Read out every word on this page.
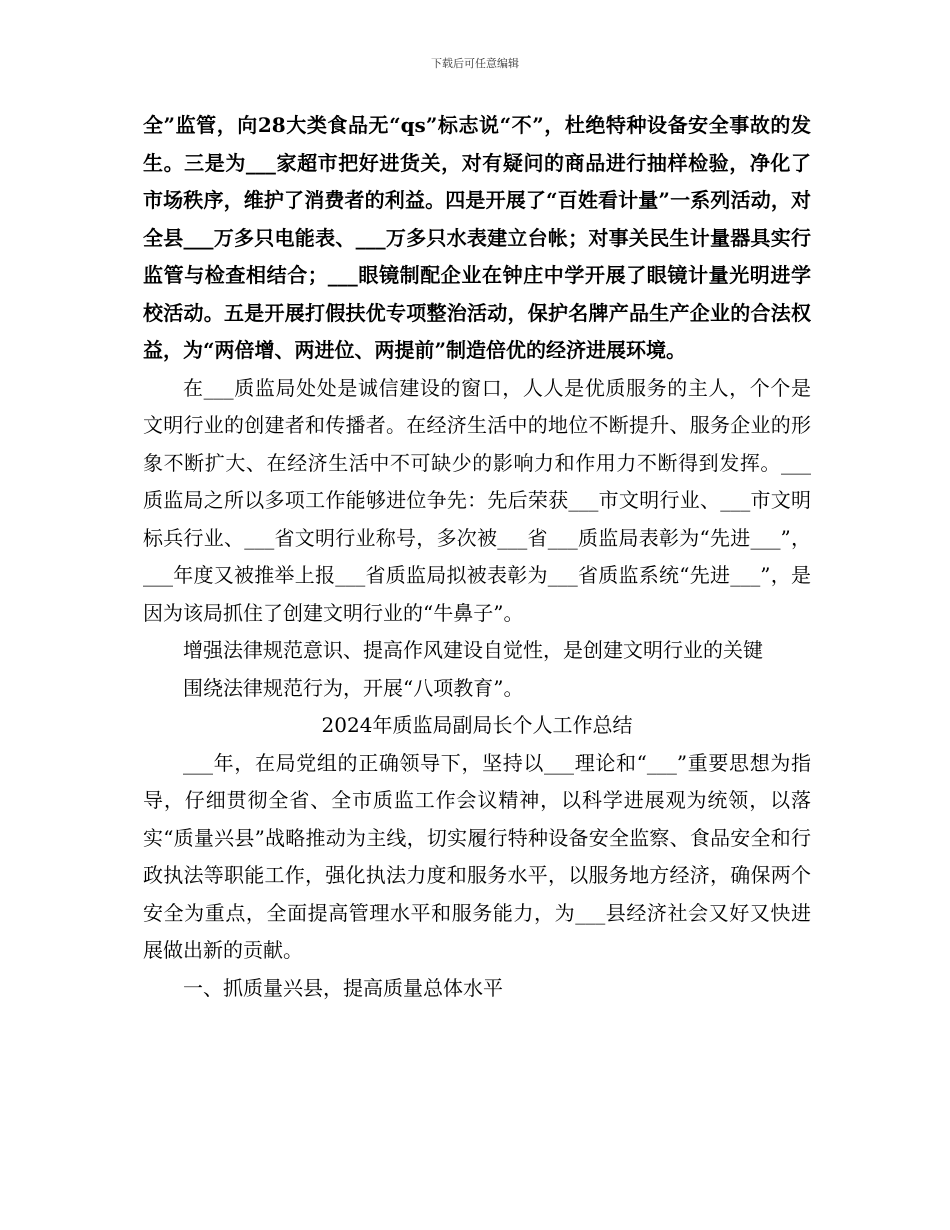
下载后可任意编辑

全”监管，向28大类食品无“qs”标志说“不”，杜绝特种设备安全事故的发生。三是为___家超市把好进货关，对有疑问的商品进行抽样检验，净化了市场秩序，维护了消费者的利益。四是开展了“百姓看计量”一系列活动，对全县___万多只电能表、___万多只水表建立台帐；对事关民生计量器具实行监管与检查相结合；___眼镜制配企业在钟庄中学开展了眼镜计量光明进学校活动。五是开展打假扶优专项整治活动，保护名牌产品生产企业的合法权益，为“两倍增、两进位、两提前”制造倍优的经济进展环境。

在___质监局处处是诚信建设的窗口，人人是优质服务的主人，个个是文明行业的创建者和传播者。在经济生活中的地位不断提升、服务企业的形象不断扩大、在经济生活中不可缺少的影响力和作用力不断得到发挥。___质监局之所以多项工作能够进位争先：先后荣获___市文明行业、___市文明标兵行业、___省文明行业称号，多次被___省___质监局表彰为“先进___”，___年度又被推举上报___省质监局拟被表彰为___省质监系统“先进___”，是因为该局抓住了创建文明行业的“牛鼻子”。

增强法律规范意识、提高作风建设自觉性，是创建文明行业的关键

围绕法律规范行为，开展“八项教育”。

2024年质监局副局长个人工作总结

___年，在局党组的正确领导下，坚持以___理论和“___”重要思想为指导，仔细贯彻全省、全市质监工作会议精神，以科学进展观为统领，以落实“质量兴县”战略推动为主线，切实履行特种设备安全监察、食品安全和行政执法等职能工作，强化执法力度和服务水平，以服务地方经济，确保两个安全为重点，全面提高管理水平和服务能力，为___县经济社会又好又快进展做出新的贡献。

一、抓质量兴县，提高质量总体水平
